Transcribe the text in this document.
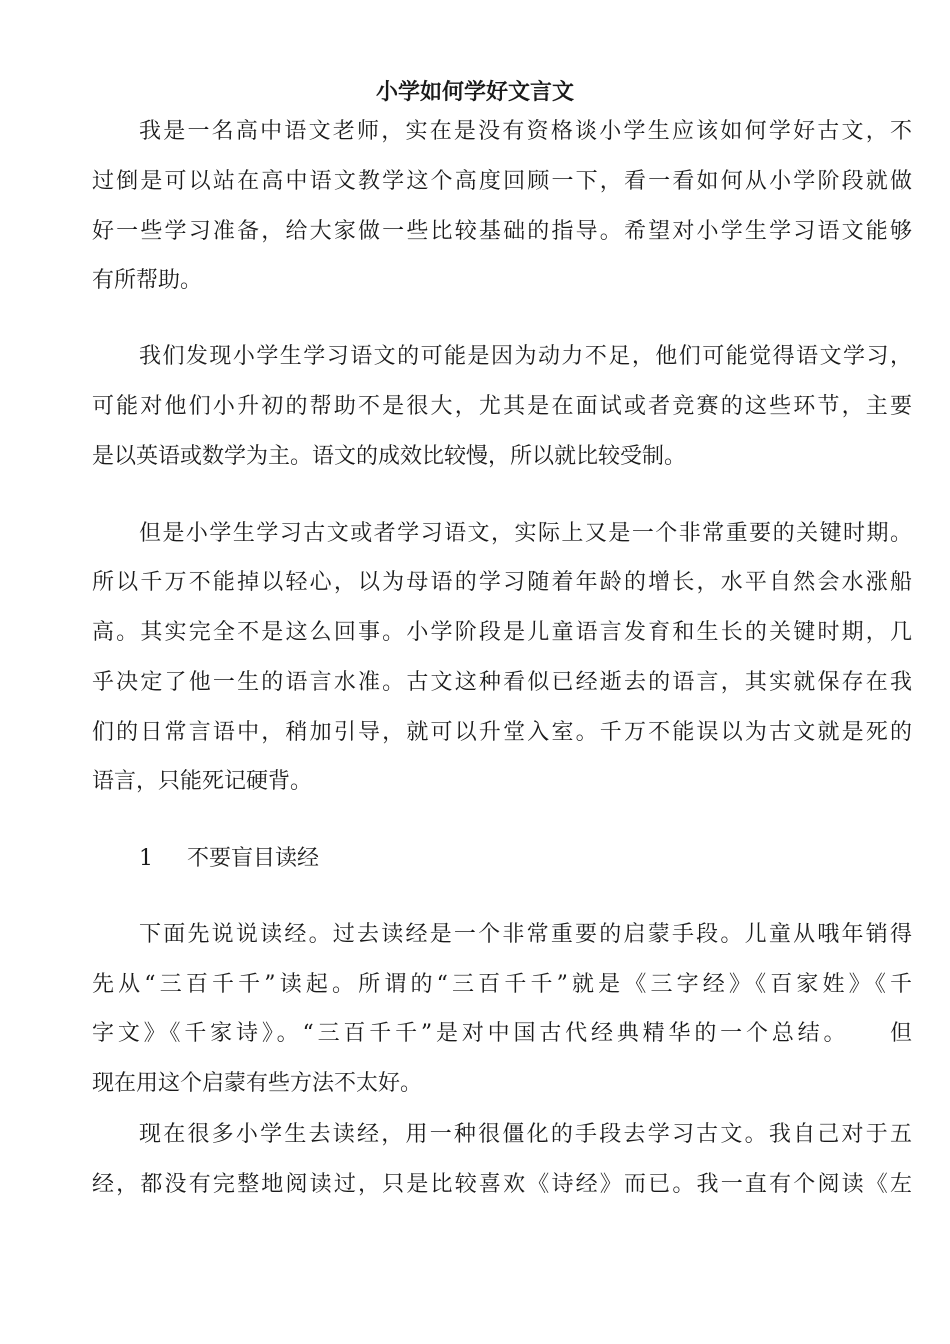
小学如何学好文言文
我是一名高中语文老师，实在是没有资格谈小学生应该如何学好古文，不
过倒是可以站在高中语文教学这个高度回顾一下，看一看如何从小学阶段就做
好一些学习准备，给大家做一些比较基础的指导。希望对小学生学习语文能够
有所帮助。
我们发现小学生学习语文的可能是因为动力不足，他们可能觉得语文学习，
可能对他们小升初的帮助不是很大，尤其是在面试或者竞赛的这些环节，主要
是以英语或数学为主。语文的成效比较慢，所以就比较受制。
但是小学生学习古文或者学习语文，实际上又是一个非常重要的关键时期。
所以千万不能掉以轻心，以为母语的学习随着年龄的增长，水平自然会水涨船
高。其实完全不是这么回事。小学阶段是儿童语言发育和生长的关键时期，几
乎决定了他一生的语言水准。古文这种看似已经逝去的语言，其实就保存在我
们的日常言语中，稍加引导，就可以升堂入室。千万不能误以为古文就是死的
语言，只能死记硬背。
1 不要盲目读经
下面先说说读经。过去读经是一个非常重要的启蒙手段。儿童从哦年销得
先从“三百千千”读起。所谓的“三百千千”就是《三字经》《百家姓》《千
字文》《千家诗》。“三百千千”是对中国古代经典精华的一个总结。　　但
现在用这个启蒙有些方法不太好。
现在很多小学生去读经，用一种很僵化的手段去学习古文。我自己对于五
经，都没有完整地阅读过，只是比较喜欢《诗经》而已。我一直有个阅读《左
